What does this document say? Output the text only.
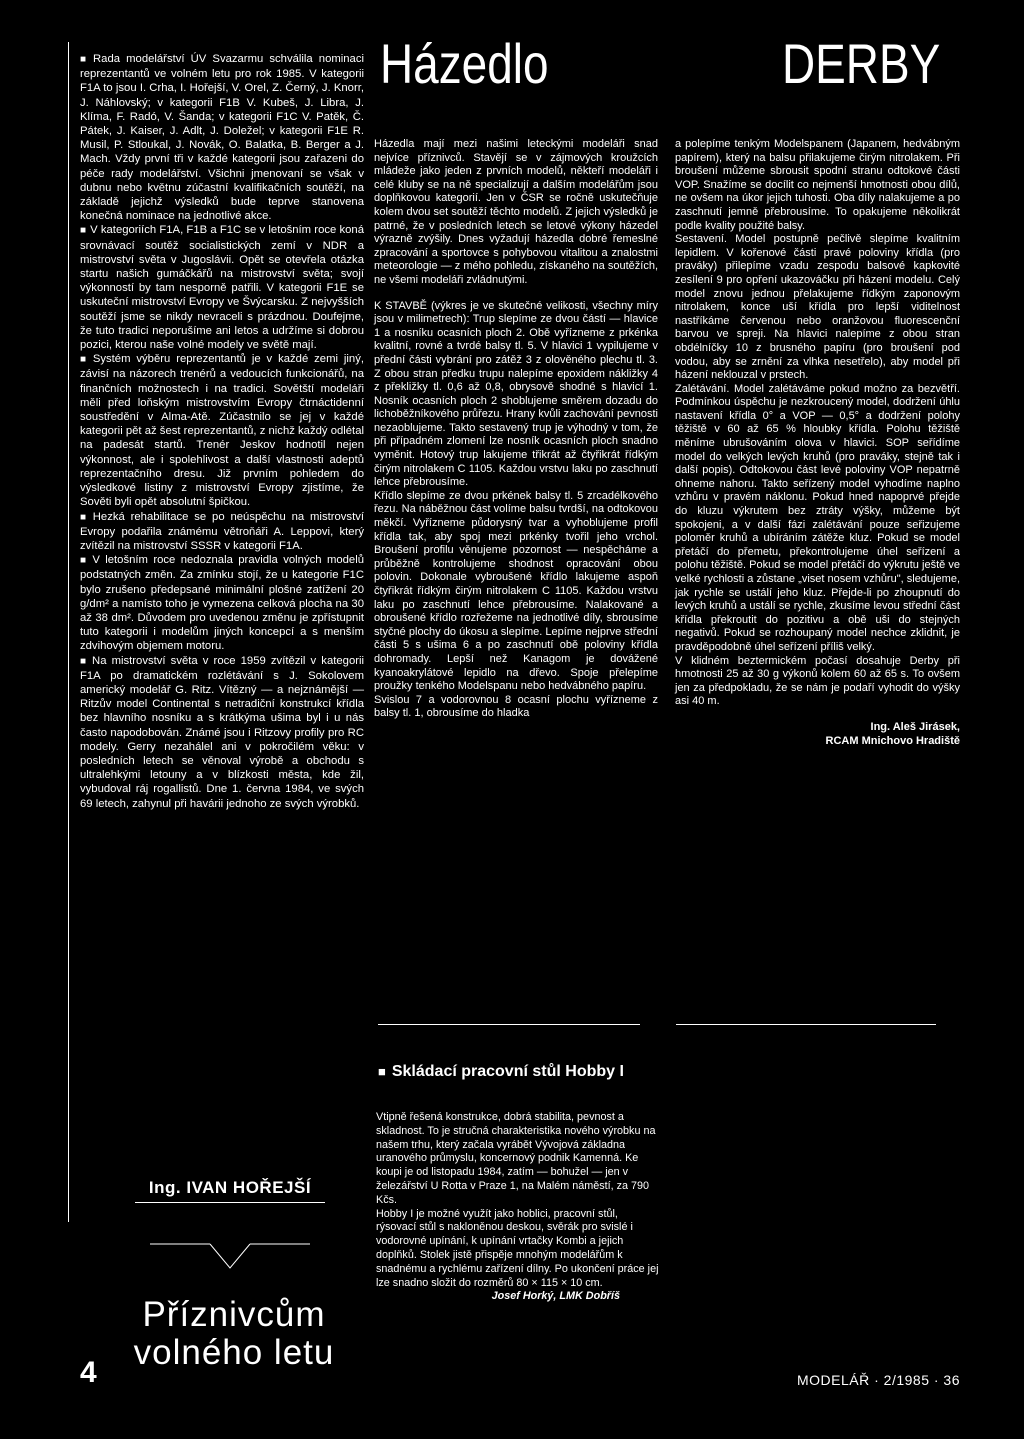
■ Rada modelářství ÚV Svazarmu schválila nominaci reprezentantů ve volném letu pro rok 1985. V kategorii F1A to jsou I. Crha, I. Hořejší, V. Orel, Z. Černý, J. Knorr, J. Náhlovský; v kategorii F1B V. Kubeš, J. Libra, J. Klíma, F. Radó, V. Šanda; v kategorii F1C V. Patěk, Č. Pátek, J. Kaiser, J. Adlt, J. Doležel; v kategorii F1E R. Musil, P. Stloukal, J. Novák, O. Balatka, B. Berger a J. Mach. Vždy první tři v každé kategorii jsou zařazeni do péče rady modelářství. Všichni jmenovaní se však v dubnu nebo květnu zúčastní kvalifikačních soutěží, na základě jejichž výsledků bude teprve stanovena konečná nominace na jednotlivé akce.

■ V kategoriích F1A, F1B a F1C se v letošním roce koná srovnávací soutěž socialistických zemí v NDR a mistrovství světa v Jugoslávii. Opět se otevřela otázka startu našich gumáčkářů na mistrovství světa; svojí výkonností by tam nesporně patřili. V kategorii F1E se uskuteční mistrovství Evropy ve Švýcarsku. Z nejvyšších soutěží jsme se nikdy nevraceli s prázdnou. Doufejme, že tuto tradici neporušíme ani letos a udržíme si dobrou pozici, kterou naše volné modely ve světě mají.

■ Systém výběru reprezentantů je v každé zemi jiný, závisí na názorech trenérů a vedoucích funkcionářů, na finančních možnostech i na tradici. Sovětští modeláři měli před loňským mistrovstvím Evropy čtrnáctidenní soustředění v Alma-Atě. Zúčastnilo se jej v každé kategorii pět až šest reprezentantů, z nichž každý odlétal na padesát startů. Trenér Jeskov hodnotil nejen výkonnost, ale i spolehlivost a další vlastnosti adeptů reprezentačního dresu. Již prvním pohledem do výsledkové listiny z mistrovství Evropy zjistíme, že Sověti byli opět absolutní špičkou.

■ Hezká rehabilitace se po neúspěchu na mistrovství Evropy podařila známému větroňáři A. Leppovi, který zvítězil na mistrovství SSSR v kategorii F1A.

■ V letošním roce nedoznala pravidla volných modelů podstatných změn. Za zmínku stojí, že u kategorie F1C bylo zrušeno předepsané minimální plošné zatížení 20 g/dm² a namísto toho je vymezena celková plocha na 30 až 38 dm². Důvodem pro uvedenou změnu je zpřístupnit tuto kategorii i modelům jiných koncepcí a s menším zdvihovým objemem motoru.

■ Na mistrovství světa v roce 1959 zvítězil v kategorii F1A po dramatickém rozlétávání s J. Sokolovem americký modelář G. Ritz. Vítězný — a nejznámější — Ritzův model Continental s netradiční konstrukcí křídla bez hlavního nosníku a s krátkýma ušima byl i u nás často napodobován. Známé jsou i Ritzovy profily pro RC modely. Gerry nezahálel ani v pokročilém věku: v posledních letech se věnoval výrobě a obchodu s ultralehkými letouny a v blízkosti města, kde žil, vybudoval ráj rogallistů. Dne 1. června 1984, ve svých 69 letech, zahynul při havárii jednoho ze svých výrobků.

Ing. IVAN HOŘEJŠÍ
Příznivcům
volného letu
Házedlo	DERBY

Házedla mají mezi našimi leteckými modeláři snad nejvíce příznivců. Stavějí se v zájmových kroužcích mládeže jako jeden z prvních modelů, někteří modeláři i celé kluby se na ně specializují a dalším modelářům jsou doplňkovou kategorií. Jen v ČSR se ročně uskutečňuje kolem dvou set soutěží těchto modelů. Z jejich výsledků je patrné, že v posledních letech se letové výkony házedel výrazně zvýšily. Dnes vyžadují házedla dobré řemeslné zpracování a sportovce s pohybovou vitalitou a znalostmi meteorologie — z mého pohledu, získaného na soutěžích, ne všemi modeláři zvládnutými.

K STAVBĚ (výkres je ve skutečné velikosti, všechny míry jsou v milimetrech): Trup slepíme ze dvou částí — hlavice 1 a nosníku ocasních ploch 2. Obě vyřízneme z prkénka kvalitní, rovné a tvrdé balsy tl. 5. V hlavici 1 vypilujeme v přední části vybrání pro zátěž 3 z olověného plechu tl. 3. Z obou stran předku trupu nalepíme epoxidem nákližky 4 z překližky tl. 0,6 až 0,8, obrysově shodné s hlavicí 1. Nosník ocasních ploch 2 shoblujeme směrem dozadu do lichoběžníkového průřezu. Hrany kvůli zachování pevnosti nezaoblujeme. Takto sestavený trup je výhodný v tom, že při případném zlomení lze nosník ocasních ploch snadno vyměnit. Hotový trup lakujeme třikrát až čtyřikrát řídkým čirým nitrolakem C 1105. Každou vrstvu laku po zaschnutí lehce přebrousíme.

Křídlo slepíme ze dvou prkének balsy tl. 5 zrcadélkového řezu. Na náběžnou část volíme balsu tvrdší, na odtokovou měkčí. Vyřízneme půdorysný tvar a vyhoblujeme profil křídla tak, aby spoj mezi prkénky tvořil jeho vrchol. Broušení profilu věnujeme pozornost — nespěcháme a průběžně kontrolujeme shodnost opracování obou polovin. Dokonale vybroušené křídlo lakujeme aspoň čtyřikrát řídkým čirým nitrolakem C 1105. Každou vrstvu laku po zaschnutí lehce přebrousíme. Nalakované a obroušené křídlo rozřežeme na jednotlivé díly, sbrousíme styčné plochy do úkosu a slepíme. Lepíme nejprve střední části 5 s ušima 6 a po zaschnutí obě poloviny křídla dohromady. Lepší než Kanagom je dovážené kyanoakrylátové lepidlo na dřevo. Spoje přelepíme proužky tenkého Modelspanu nebo hedvábného papíru.

Svislou 7 a vodorovnou 8 ocasní plochu vyřízneme z balsy tl. 1, obrousíme do hladka

a polepíme tenkým Modelspanem (Japanem, hedvábným papírem), který na balsu přilakujeme čirým nitrolakem. Při broušení můžeme sbrousit spodní stranu odtokové části VOP. Snažíme se docílit co nejmenší hmotnosti obou dílů, ne ovšem na úkor jejich tuhosti. Oba díly nalakujeme a po zaschnutí jemně přebrousíme. To opakujeme několikrát podle kvality použité balsy.

Sestavení. Model postupně pečlivě slepíme kvalitním lepidlem. V kořenové části pravé poloviny křídla (pro praváky) přilepíme vzadu zespodu balsové kapkovité zesílení 9 pro opření ukazováčku při házení modelu. Celý model znovu jednou přelakujeme řídkým zaponovým nitrolakem, konce uší křídla pro lepší viditelnost nastříkáme červenou nebo oranžovou fluorescenční barvou ve spreji. Na hlavici nalepíme z obou stran obdélníčky 10 z brusného papíru (pro broušení pod vodou, aby se zrnění za vlhka nesetřelo), aby model při házení neklouzal v prstech.

Zalétávání. Model zalétáváme pokud možno za bezvětří. Podmínkou úspěchu je nezkroucený model, dodržení úhlu nastavení křídla 0° a VOP — 0,5° a dodržení polohy těžiště v 60 až 65 % hloubky křídla. Polohu těžiště měníme ubrušováním olova v hlavici. SOP seřídíme model do velkých levých kruhů (pro praváky, stejně tak i další popis). Odtokovou část levé poloviny VOP nepatrně ohneme nahoru. Takto seřízený model vyhodíme naplno vzhůru v pravém náklonu. Pokud hned napoprvé přejde do kluzu výkrutem bez ztráty výšky, můžeme být spokojeni, a v další fázi zalétávání pouze seřizujeme poloměr kruhů a ubíráním zátěže kluz. Pokud se model přetáčí do přemetu, překontrolujeme úhel seřízení a polohu těžiště. Pokud se model přetáčí do výkrutu ještě ve velké rychlosti a zůstane „viset nosem vzhůru", sledujeme, jak rychle se ustálí jeho kluz. Přejde-li po zhoupnutí do levých kruhů a ustálí se rychle, zkusíme levou střední část křídla překroutit do pozitivu a obě uši do stejných negativů. Pokud se rozhoupaný model nechce zklidnit, je pravděpodobně úhel seřízení příliš velký.

V klidném beztermickém počasí dosahuje Derby při hmotnosti 25 až 30 g výkonů kolem 60 až 65 s. To ovšem jen za předpokladu, že se nám je podaří vyhodit do výšky asi 40 m.

Ing. Aleš Jirásek,

RCAM Mnichovo Hradiště

■ Skládací pracovní stůl Hobby I

Vtipně řešená konstrukce, dobrá stabilita, pevnost a skladnost. To je stručná charakteristika nového výrobku na našem trhu, který začala vyrábět Vývojová základna uranového průmyslu, koncernový podnik Kamenná. Ke koupi je od listopadu 1984, zatím — bohužel — jen v železářství U Rotta v Praze 1, na Malém náměstí, za 790 Kčs.

Hobby I je možné využít jako hoblici, pracovní stůl, rýsovací stůl s nakloněnou deskou, svěrák pro svislé i vodorovné upínání, k upínání vrtačky Kombi a jejich doplňků. Stolek jistě přispěje mnohým modelářům k snadnému a rychlému zařízení dílny. Po ukončení práce jej lze snadno složit do rozměrů 80 × 115 × 10 cm.

Josef Horký, LMK Dobříš

4	MODELÁŘ · 2/1985 · 36
